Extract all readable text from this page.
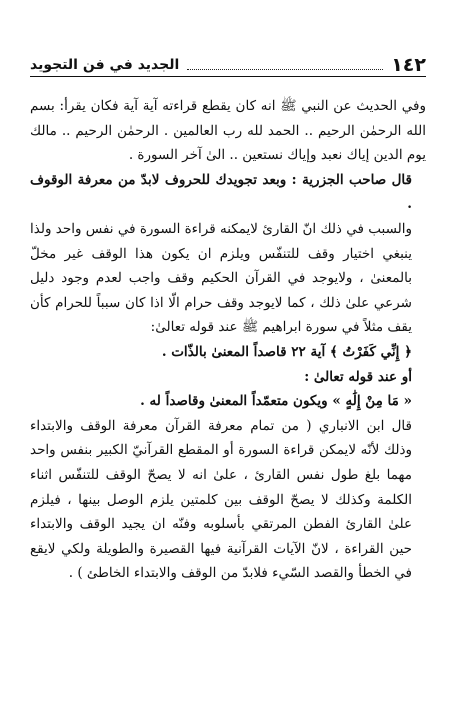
١٤٢
الجديد في فن التجويد

وفي الحديث عن النبي ﷺ انه كان يقطع قراءته آية آية فكان يقرأ: بسم الله الرحمٰن الرحيم .. الحمد لله رب العالمين . الرحمٰن الرحيم .. مالك يوم الدين إياك نعبد وإياك نستعين .. الىٰ آخر السورة .

قال صاحب الجزرية : وبعد تجويدك للحروف لابدّ من معرفة الوقوف .

والسبب في ذلك انّ القارئ لايمكنه قراءة السورة في نفس واحد ولذا ينبغي اختيار وقف للتنفّس ويلزم ان يكون هذا الوقف غير مخلّ بالمعنىٰ ، ولايوجد في القرآن الحكيم وقف واجب لعدم وجود دليل شرعي علىٰ ذلك ، كما لايوجد وقف حرام الّا اذا كان سبباً للحرام كأن يقف مثلاً في سورة ابراهيم ﷺ عند قوله تعالىٰ:

﴿ إِنِّي كَفَرْتُ ﴾ آية ٢٢ قاصداً المعنىٰ بالذّات .

أو عند قوله تعالىٰ :

« مَا مِنْ إِلَٰهٍ » ويكون متعمّداً المعنىٰ وقاصداً له .

قال ابن الانباري ( من تمام معرفة القرآن معرفة الوقف والابتداء وذلك لأنّه لايمكن قراءة السورة أو المقطع القرآنيّ الكبير بنفس واحد مهما بلغ طول نفس القارئ ، علىٰ انه لا يصحّ الوقف للتنفّس اثناء الكلمة وكذلك لا يصحّ الوقف بين كلمتين يلزم الوصل بينها ، فيلزم علىٰ القارئ الفطن المرتقي بأسلوبه وفنّه ان يجيد الوقف والابتداء حين القراءة ، لانّ الآيات القرآنية فيها القصيرة والطويلة ولكي لايقع في الخطأ والقصد السّيء فلابدّ من الوقف والابتداء الخاطئ ) .
